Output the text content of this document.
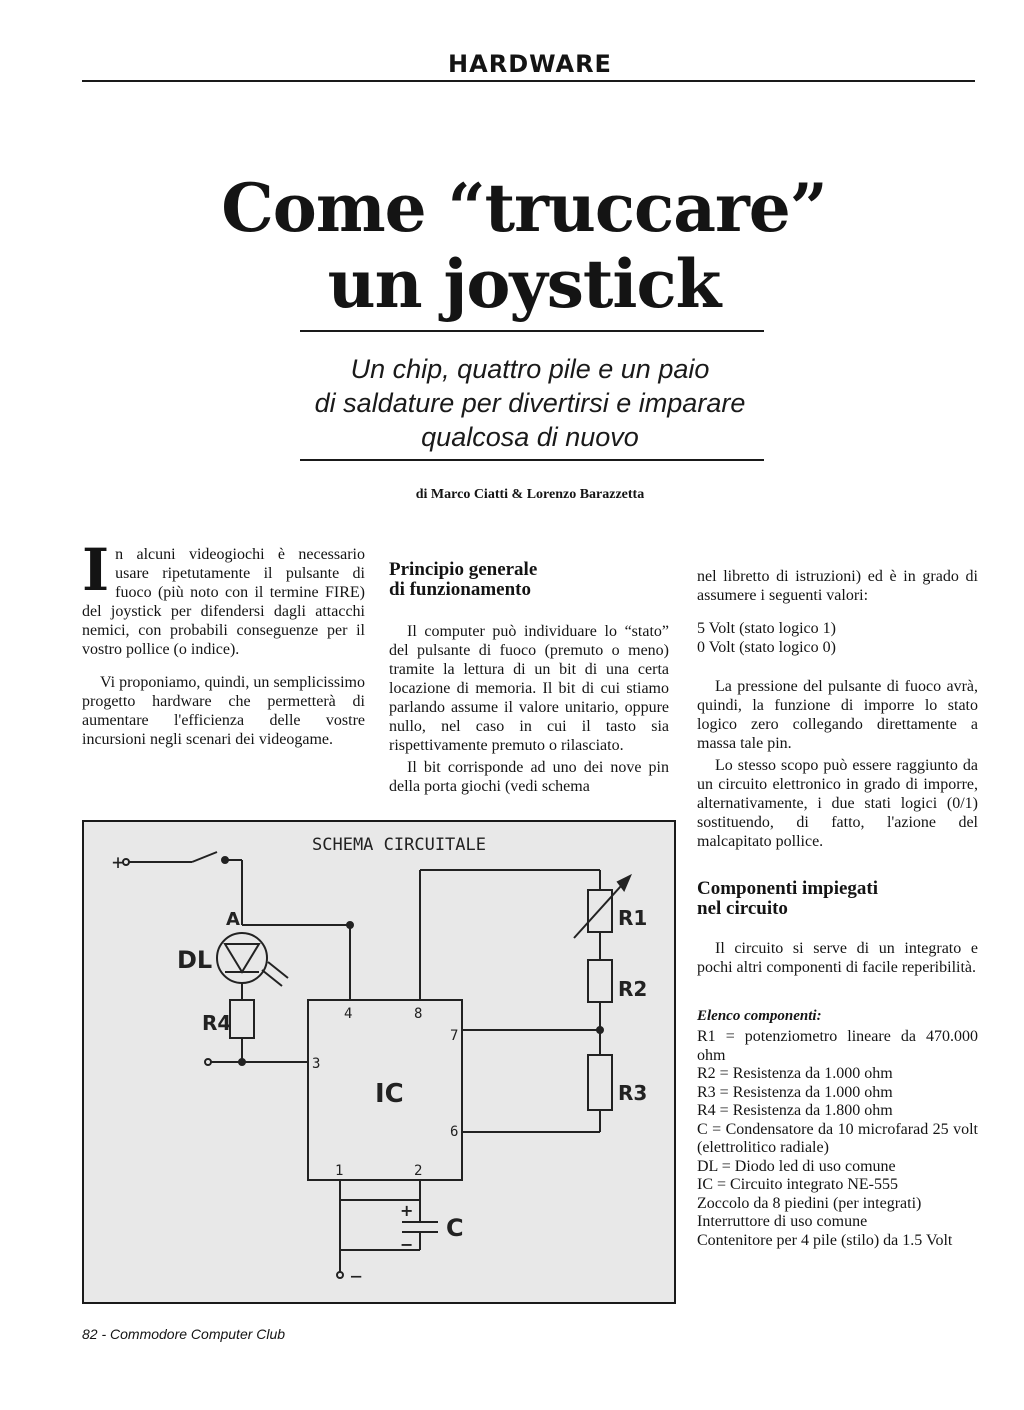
HARDWARE
Come “truccare”
un joystick
Un chip, quattro pile e un paio
di saldature per divertirsi e imparare
qualcosa di nuovo
di Marco Ciatti & Lorenzo Barazzetta

In alcuni videogiochi è necessario usare ripetutamente il pulsante di fuoco (più noto con il termine FIRE) del joystick per difendersi dagli attacchi nemici, con probabili conseguenze per il vostro pollice (o indice).

Vi proponiamo, quindi, un semplicissimo progetto hardware che permetterà di aumentare l'efficienza delle vostre incursioni negli scenari dei videogame.

Principio generale
di funzionamento

Il computer può individuare lo “stato” del pulsante di fuoco (premuto o meno) tramite la lettura di un bit di una certa locazione di memoria. Il bit di cui stiamo parlando assume il valore unitario, oppure nullo, nel caso in cui il tasto sia rispettivamente premuto o rilasciato.

Il bit corrisponde ad uno dei nove pin della porta giochi (vedi schema

nel libretto di istruzioni) ed è in grado di assumere i seguenti valori:

5 Volt (stato logico 1)
0 Volt (stato logico 0)

La pressione del pulsante di fuoco avrà, quindi, la funzione di imporre lo stato logico zero collegando direttamente a massa tale pin.

Lo stesso scopo può essere raggiunto da un circuito elettronico in grado di imporre, alternativamente, i due stati logici (0/1) sostituendo, di fatto, l'azione del malcapitato pollice.

Componenti impiegati
nel circuito

Il circuito si serve di un integrato e pochi altri componenti di facile reperibilità.

Elenco componenti:
R1 = potenziometro lineare da 470.000 ohm
R2 = Resistenza da 1.000 ohm
R3 = Resistenza da 1.000 ohm
R4 = Resistenza da 1.800 ohm
C = Condensatore da 10 microfarad 25 volt (elettrolitico radiale)
DL = Diodo led di uso comune
IC = Circuito integrato NE-555
Zoccolo da 8 piedini (per integrati)
Interruttore di uso comune
Contenitore per 4 pile (stilo) da 1.5 Volt
SCHEMA CIRCUITALE
+
−
A
DL
R4
R1
R2
R3
IC
C
+
−
4	8
7
3
6
1	2
82 - Commodore Computer Club
